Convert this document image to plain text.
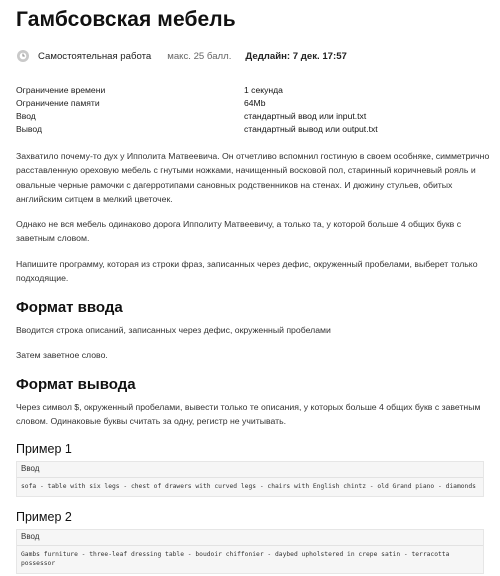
Гамбсовская мебель
Самостоятельная работа макс. 25 балл. Дедлайн: 7 дек. 17:57
Ограничение времени	1 секунда
Ограничение памяти	64Mb
Ввод	стандартный ввод или input.txt
Вывод	стандартный вывод или output.txt

Захватило почему-то дух у Ипполита Матвеевича. Он отчетливо вспомнил гостиную в своем особняке, симметрично расставленную ореховую мебель с гнутыми ножками, начищенный восковой пол, старинный коричневый рояль и овальные черные рамочки с дагерротипами сановных родственников на стенах. И дюжину стульев, обитых английским ситцем в мелкий цветочек.

Однако не вся мебель одинаково дорога Ипполиту Матвеевичу, а только та, у которой больше 4 общих букв с заветным словом.

Напишите программу, которая из строки фраз, записанных через дефис, окруженный пробелами, выберет только подходящие.

Формат ввода

Вводится строка описаний, записанных через дефис, окруженный пробелами

Затем заветное слово.

Формат вывода

Через символ $, окруженный пробелами, вывести только те описания, у которых больше 4 общих букв с заветным словом. Одинаковые буквы считать за одну, регистр не учитывать.

Пример 1
Ввод
sofa - table with six legs - chest of drawers with curved legs - chairs with English chintz - old Grand piano - diamonds
Пример 2
Ввод
Gambs furniture - three-leaf dressing table - boudoir chiffonier - daybed upholstered in crepe satin - terracotta
possessor
